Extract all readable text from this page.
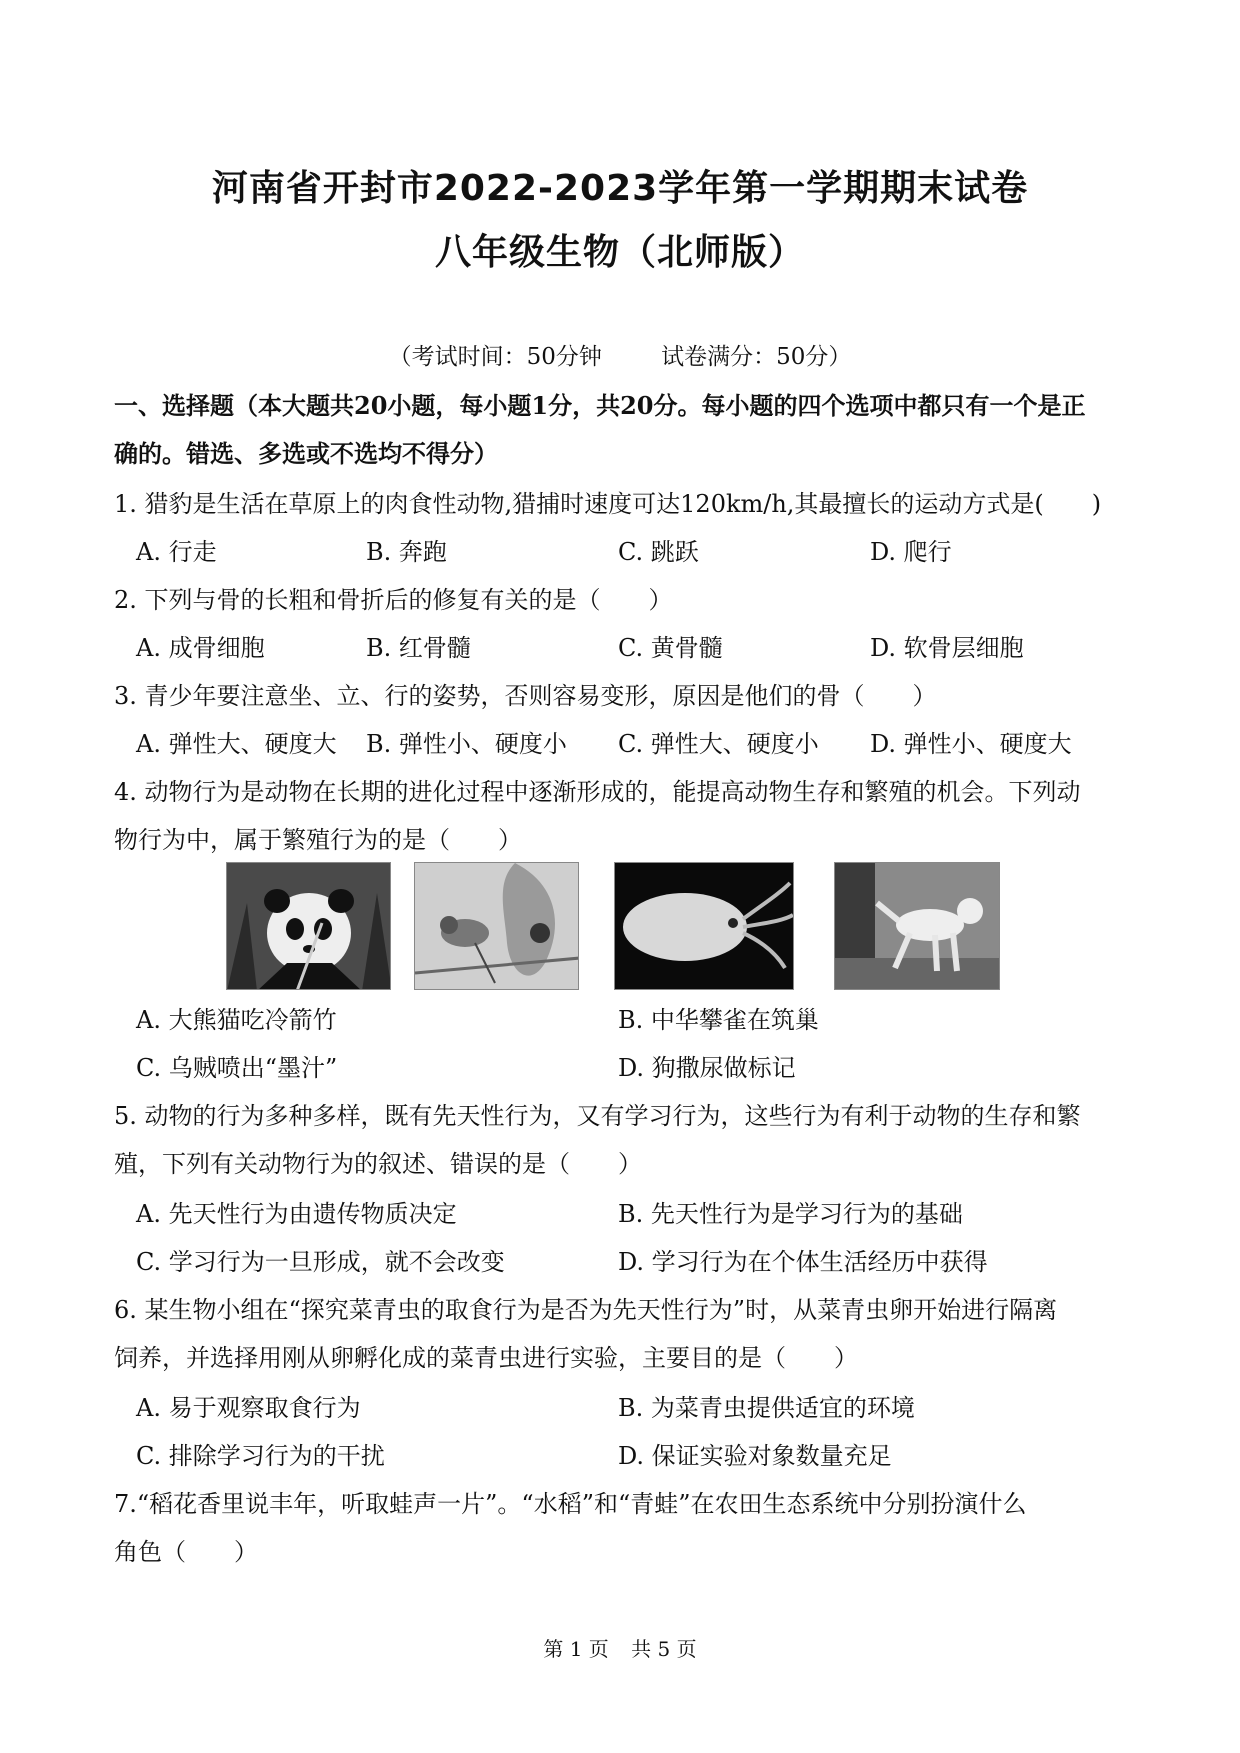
河南省开封市2022-2023学年第一学期期末试卷
八年级生物（北师版）
（考试时间：50分钟	试卷满分：50分）
一、选择题（本大题共20小题，每小题1分，共20分。每小题的四个选项中都只有一个是正
确的。错选、多选或不选均不得分）
1. 猎豹是生活在草原上的肉食性动物,猎捕时速度可达120km/h,其最擅长的运动方式是(　　)
A. 行走	B. 奔跑	C. 跳跃	D. 爬行
2. 下列与骨的长粗和骨折后的修复有关的是（　　）
A. 成骨细胞	B. 红骨髓	C. 黄骨髓	D. 软骨层细胞
3. 青少年要注意坐、立、行的姿势，否则容易变形，原因是他们的骨（　　）
A. 弹性大、硬度大 B. 弹性小、硬度小 C. 弹性大、硬度小 D. 弹性小、硬度大
4. 动物行为是动物在长期的进化过程中逐渐形成的，能提高动物生存和繁殖的机会。下列动
物行为中，属于繁殖行为的是（　　）
A. 大熊猫吃冷箭竹	B. 中华攀雀在筑巢
C. 乌贼喷出“墨汁”	D. 狗撒尿做标记
5. 动物的行为多种多样，既有先天性行为，又有学习行为，这些行为有利于动物的生存和繁
殖，下列有关动物行为的叙述、错误的是（　　）
A. 先天性行为由遗传物质决定	B. 先天性行为是学习行为的基础
C. 学习行为一旦形成，就不会改变	D. 学习行为在个体生活经历中获得
6. 某生物小组在“探究菜青虫的取食行为是否为先天性行为”时，从菜青虫卵开始进行隔离
饲养，并选择用刚从卵孵化成的菜青虫进行实验，主要目的是（　　）
A. 易于观察取食行为	B. 为菜青虫提供适宜的环境
C. 排除学习行为的干扰	D. 保证实验对象数量充足
7.“稻花香里说丰年，听取蛙声一片”。“水稻”和“青蛙”在农田生态系统中分别扮演什么
角色（　　）
第 1 页 共 5 页
